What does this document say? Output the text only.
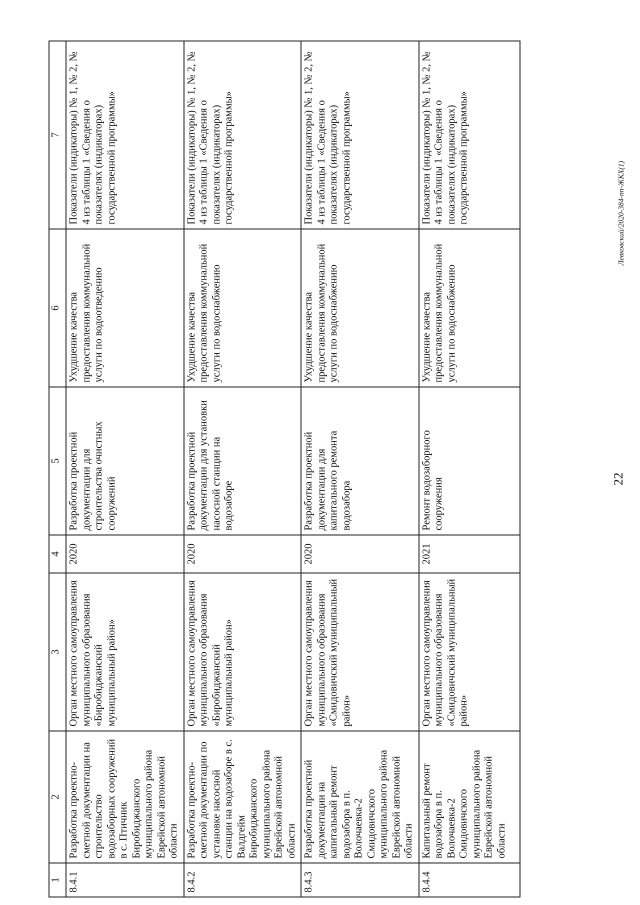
22
Левковский/2020-384-пп-ЖКХ(1)
1	2	3	4	5	6	7
8.4.1	Разработка проектно-сметной документации на строительство водозаборных сооружений в с. Птичник Биробиджанского муниципального района Еврейской автономной области	Орган местного самоуправления муниципального образования «Биробиджанский муниципальный район»	2020	Разработка проектной документации для строительства очистных сооружений	Ухудшение качества предоставления коммунальной услуги по водоотведению	Показатели (индикаторы) № 1, № 2, № 4 из таблицы 1 «Сведения о показателях (индикаторах) государственной программы»
8.4.2	Разработка проектно-сметной документации по установке насосной станции на водозаборе в с. Валдгейм Биробиджанского муниципального района Еврейской автономной области	Орган местного самоуправления муниципального образования «Биробиджанский муниципальный район»	2020	Разработка проектной документации для установки насосной станции на водозаборе	Ухудшение качества предоставления коммунальной услуги по водоснабжению	Показатели (индикаторы) № 1, № 2, № 4 из таблицы 1 «Сведения о показателях (индикаторах) государственной программы»
8.4.3	Разработка проектной документации на капитальный ремонт водозабора в п. Волочаевка-2 Смидовичского муниципального района Еврейской автономной области	Орган местного самоуправления муниципального образования «Смидовичский муниципальный район»	2020	Разработка проектной документации для капитального ремонта водозабора	Ухудшение качества предоставления коммунальной услуги по водоснабжению	Показатели (индикаторы) № 1, № 2, № 4 из таблицы 1 «Сведения о показателях (индикаторах) государственной программы»
8.4.4	Капитальный ремонт водозабора в п. Волочаевка-2 Смидовичского муниципального района Еврейской автономной области	Орган местного самоуправления муниципального образования «Смидовичский муниципальный район»	2021	Ремонт водозаборного сооружения	Ухудшение качества предоставления коммунальной услуги по водоснабжению	Показатели (индикаторы) № 1, № 2, № 4 из таблицы 1 «Сведения о показателях (индикаторах) государственной программы»
